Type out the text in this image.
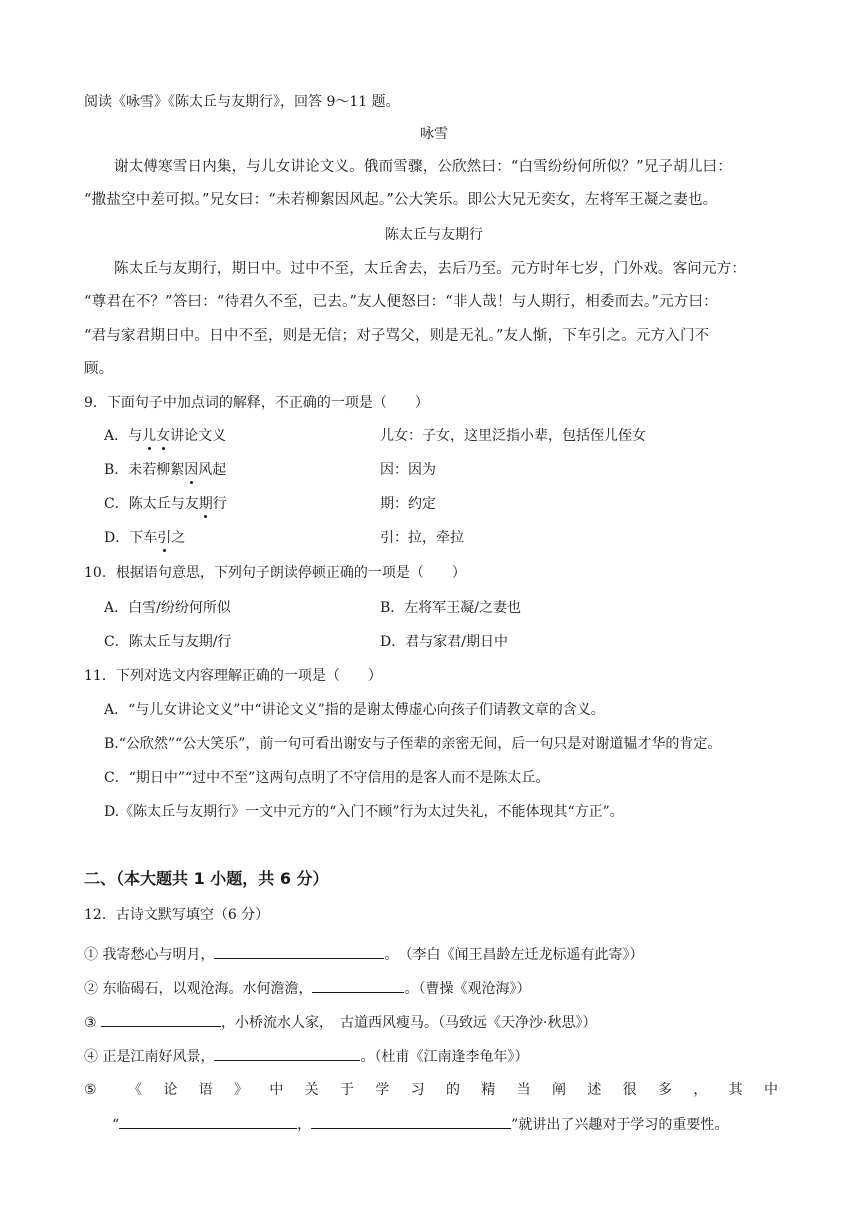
阅读《咏雪》《陈太丘与友期行》，回答 9～11 题。
咏雪
谢太傅寒雪日内集，与儿女讲论文义。俄而雪骤，公欣然曰：“白雪纷纷何所似？”兄子胡儿曰：
“撒盐空中差可拟。”兄女曰：“未若柳絮因风起。”公大笑乐。即公大兄无奕女，左将军王凝之妻也。
陈太丘与友期行
陈太丘与友期行，期日中。过中不至，太丘舍去，去后乃至。元方时年七岁，门外戏。客问元方：
“尊君在不？”答曰：“待君久不至，已去。”友人便怒曰：“非人哉！与人期行，相委而去。”元方曰：
“君与家君期日中。日中不至，则是无信；对子骂父，则是无礼。”友人惭，下车引之。元方入门不
顾。
9．下面句子中加点词的解释，不正确的一项是（　　）
A．与儿女讲论文义	儿女：子女，这里泛指小辈，包括侄儿侄女
B．未若柳絮因风起	因：因为
C．陈太丘与友期行	期：约定
D．下车引之	引：拉，牵拉
10．根据语句意思，下列句子朗读停顿正确的一项是（　　）
A．白雪/纷纷何所似	B．左将军王凝/之妻也
C．陈太丘与友期/行	D．君与家君/期日中
11．下列对选文内容理解正确的一项是（　　）
A．“与儿女讲论文义”中“讲论文义”指的是谢太傅虚心向孩子们请教文章的含义。
B.“公欣然”“公大笑乐”，前一句可看出谢安与子侄辈的亲密无间，后一句只是对谢道韫才华的肯定。
C．“期日中”“过中不至”这两句点明了不守信用的是客人而不是陈太丘。
D.《陈太丘与友期行》一文中元方的“入门不顾”行为太过失礼，不能体现其“方正”。
二、（本大题共 1 小题，共 6 分）
12．古诗文默写填空（6 分）
① 我寄愁心与明月，	。　（李白《闻王昌龄左迁龙标遥有此寄》）
② 东临碣石，以观沧海。水何澹澹，	。（曹操《观沧海》）
③	，小桥流水人家，　古道西风瘦马。（马致远《天净沙·秋思》）
④ 正是江南好风景，	。（杜甫《江南逢李龟年》）
⑤	《 论 语 》 中 关 于 学 习 的 精 当 阐 述 很 多 ， 其 中
“	，	”就讲出了兴趣对于学习的重要性。
